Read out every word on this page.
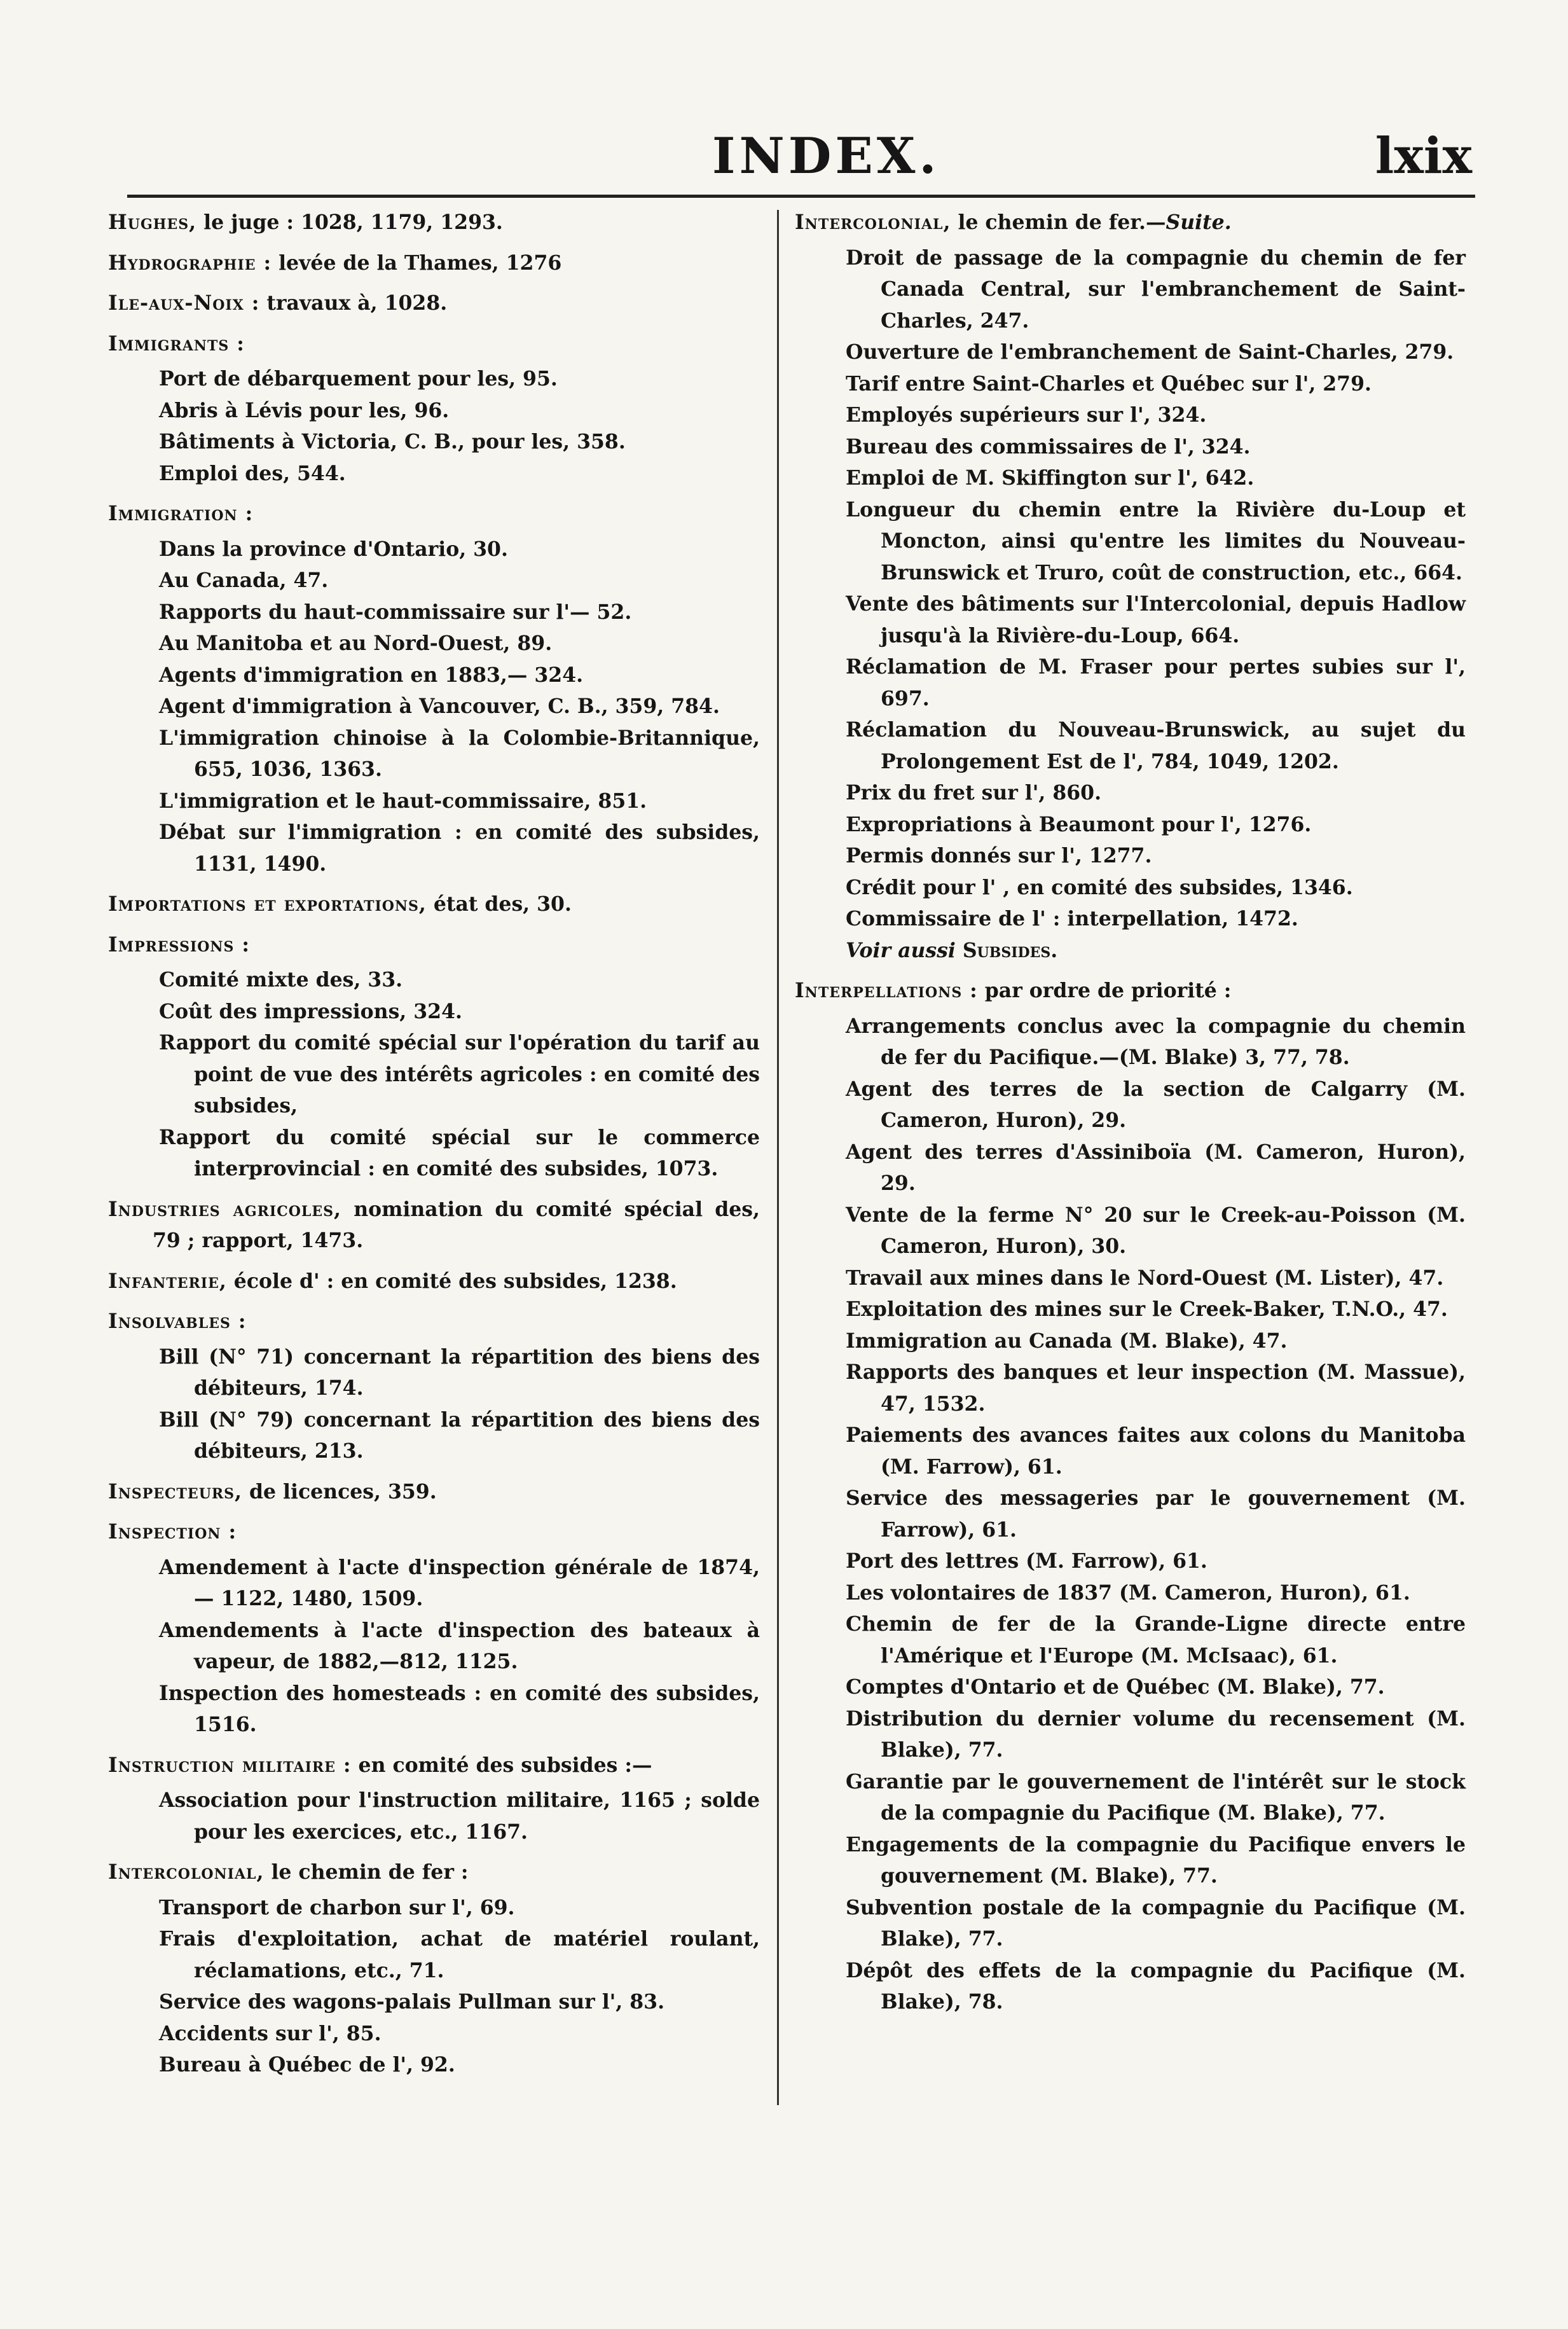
INDEX.	lxix
Hughes, le juge : 1028, 1179, 1293.
Hydrographie : levée de la Thames, 1276
Ile-aux-Noix : travaux à, 1028.
Immigrants :
Port de débarquement pour les, 95.
Abris à Lévis pour les, 96.
Bâtiments à Victoria, C. B., pour les, 358.
Emploi des, 544.
Immigration :
Dans la province d'Ontario, 30.
Au Canada, 47.
Rapports du haut-commissaire sur l'— 52.
Au Manitoba et au Nord-Ouest, 89.
Agents d'immigration en 1883,— 324.
Agent d'immigration à Vancouver, C. B., 359, 784.
L'immigration chinoise à la Colombie-Britannique, 655, 1036, 1363.
L'immigration et le haut-commissaire, 851.
Débat sur l'immigration : en comité des subsides, 1131, 1490.
Importations et exportations, état des, 30.
Impressions :
Comité mixte des, 33.
Coût des impressions, 324.
Rapport du comité spécial sur l'opération du tarif au point de vue des intérêts agricoles : en comité des subsides,
Rapport du comité spécial sur le commerce interprovincial : en comité des subsides, 1073.
Industries agricoles, nomination du comité spécial des, 79 ; rapport, 1473.
Infanterie, école d' : en comité des subsides, 1238.
Insolvables :
Bill (N° 71) concernant la répartition des biens des débiteurs, 174.
Bill (N° 79) concernant la répartition des biens des débiteurs, 213.
Inspecteurs, de licences, 359.
Inspection :
Amendement à l'acte d'inspection générale de 1874,— 1122, 1480, 1509.
Amendements à l'acte d'inspection des bateaux à vapeur, de 1882,—812, 1125.
Inspection des homesteads : en comité des subsides, 1516.
Instruction militaire : en comité des subsides :—
Association pour l'instruction militaire, 1165 ; solde pour les exercices, etc., 1167.
Intercolonial, le chemin de fer :
Transport de charbon sur l', 69.
Frais d'exploitation, achat de matériel roulant, réclamations, etc., 71.
Service des wagons-palais Pullman sur l', 83.
Accidents sur l', 85.
Bureau à Québec de l', 92.
Intercolonial, le chemin de fer.—Suite.
Droit de passage de la compagnie du chemin de fer Canada Central, sur l'embranchement de Saint-Charles, 247.
Ouverture de l'embranchement de Saint-Charles, 279.
Tarif entre Saint-Charles et Québec sur l', 279.
Employés supérieurs sur l', 324.
Bureau des commissaires de l', 324.
Emploi de M. Skiffington sur l', 642.
Longueur du chemin entre la Rivière du-Loup et Moncton, ainsi qu'entre les limites du Nouveau-Brunswick et Truro, coût de construction, etc., 664.
Vente des bâtiments sur l'Intercolonial, depuis Hadlow jusqu'à la Rivière-du-Loup, 664.
Réclamation de M. Fraser pour pertes subies sur l', 697.
Réclamation du Nouveau-Brunswick, au sujet du Prolongement Est de l', 784, 1049, 1202.
Prix du fret sur l', 860.
Expropriations à Beaumont pour l', 1276.
Permis donnés sur l', 1277.
Crédit pour l' , en comité des subsides, 1346.
Commissaire de l' : interpellation, 1472.
Voir aussi Subsides.
Interpellations : par ordre de priorité :
Arrangements conclus avec la compagnie du chemin de fer du Pacifique.—(M. Blake) 3, 77, 78.
Agent des terres de la section de Calgarry (M. Cameron, Huron), 29.
Agent des terres d'Assiniboïa (M. Cameron, Huron), 29.
Vente de la ferme N° 20 sur le Creek-au-Poisson (M. Cameron, Huron), 30.
Travail aux mines dans le Nord-Ouest (M. Lister), 47.
Exploitation des mines sur le Creek-Baker, T.N.O., 47.
Immigration au Canada (M. Blake), 47.
Rapports des banques et leur inspection (M. Massue), 47, 1532.
Paiements des avances faites aux colons du Manitoba (M. Farrow), 61.
Service des messageries par le gouvernement (M. Farrow), 61.
Port des lettres (M. Farrow), 61.
Les volontaires de 1837 (M. Cameron, Huron), 61.
Chemin de fer de la Grande-Ligne directe entre l'Amérique et l'Europe (M. McIsaac), 61.
Comptes d'Ontario et de Québec (M. Blake), 77.
Distribution du dernier volume du recensement (M. Blake), 77.
Garantie par le gouvernement de l'intérêt sur le stock de la compagnie du Pacifique (M. Blake), 77.
Engagements de la compagnie du Pacifique envers le gouvernement (M. Blake), 77.
Subvention postale de la compagnie du Pacifique (M. Blake), 77.
Dépôt des effets de la compagnie du Pacifique (M. Blake), 78.
